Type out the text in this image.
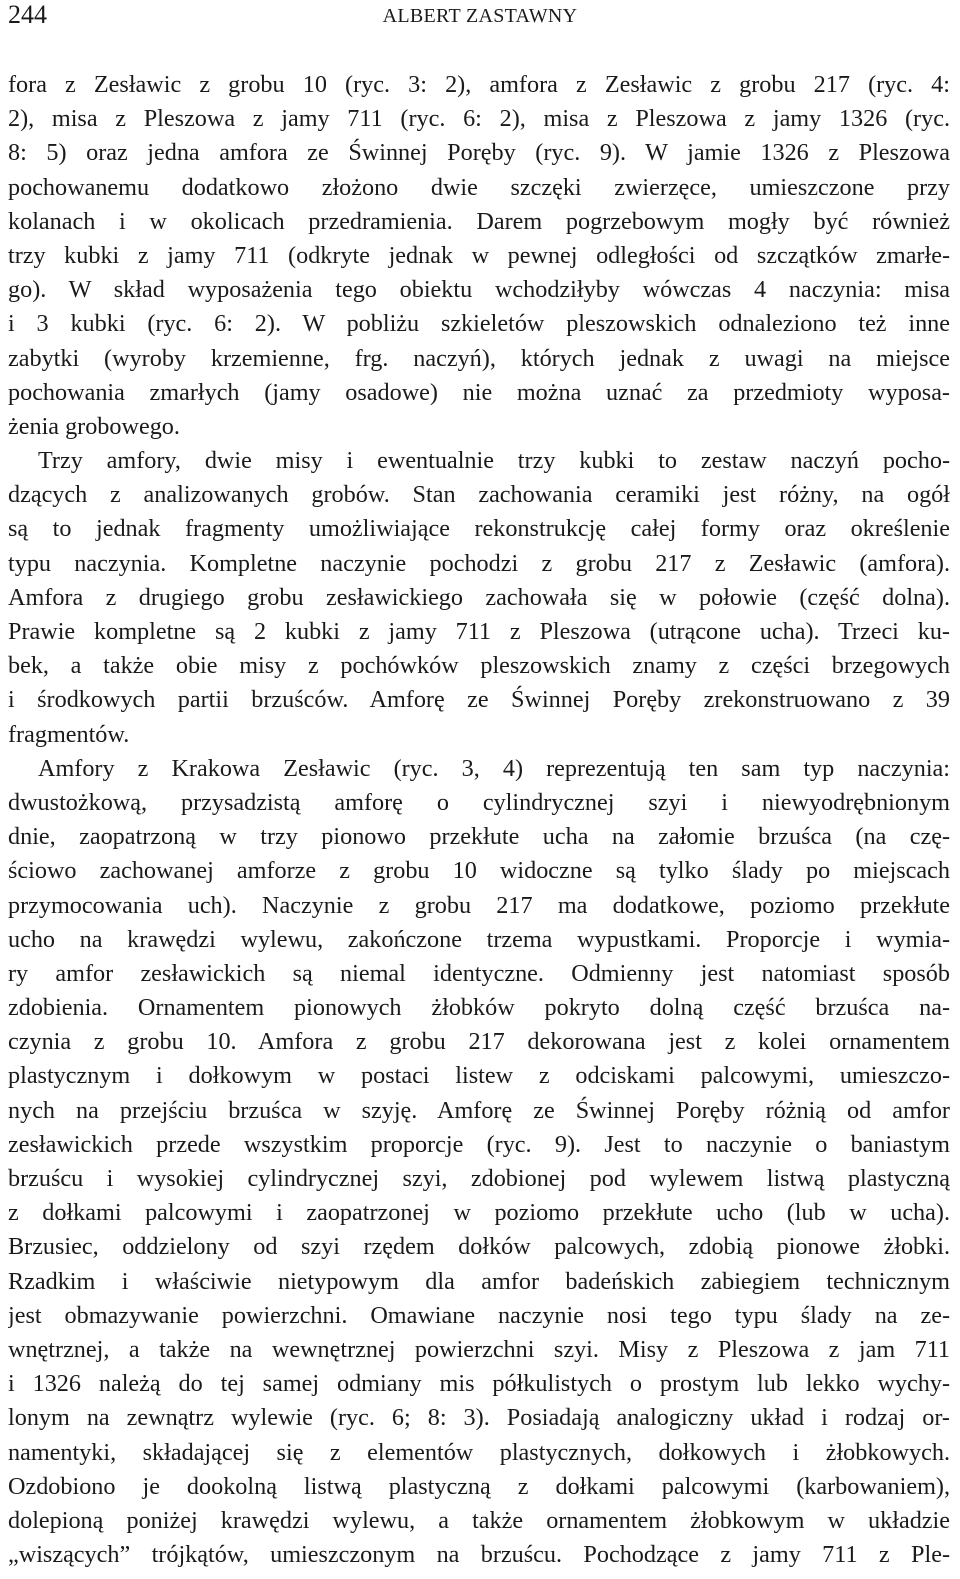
244	ALBERT ZASTAWNY
fora z Zesławic z grobu 10 (ryc. 3: 2), amfora z Zesławic z grobu 217 (ryc. 4:
2), misa z Pleszowa z jamy 711 (ryc. 6: 2), misa z Pleszowa z jamy 1326 (ryc.
8: 5) oraz jedna amfora ze Świnnej Poręby (ryc. 9). W jamie 1326 z Pleszowa
pochowanemu dodatkowo złożono dwie szczęki zwierzęce, umieszczone przy
kolanach i w okolicach przedramienia. Darem pogrzebowym mogły być również
trzy kubki z jamy 711 (odkryte jednak w pewnej odległości od szczątków zmarłe-
go). W skład wyposażenia tego obiektu wchodziłyby wówczas 4 naczynia: misa
i 3 kubki (ryc. 6: 2). W pobliżu szkieletów pleszowskich odnaleziono też inne
zabytki (wyroby krzemienne, frg. naczyń), których jednak z uwagi na miejsce
pochowania zmarłych (jamy osadowe) nie można uznać za przedmioty wyposa-
żenia grobowego.
Trzy amfory, dwie misy i ewentualnie trzy kubki to zestaw naczyń pocho-
dzących z analizowanych grobów. Stan zachowania ceramiki jest różny, na ogół
są to jednak fragmenty umożliwiające rekonstrukcję całej formy oraz określenie
typu naczynia. Kompletne naczynie pochodzi z grobu 217 z Zesławic (amfora).
Amfora z drugiego grobu zesławickiego zachowała się w połowie (część dolna).
Prawie kompletne są 2 kubki z jamy 711 z Pleszowa (utrącone ucha). Trzeci ku-
bek, a także obie misy z pochówków pleszowskich znamy z części brzegowych
i środkowych partii brzuśców. Amforę ze Świnnej Poręby zrekonstruowano z 39
fragmentów.
Amfory z Krakowa Zesławic (ryc. 3, 4) reprezentują ten sam typ naczynia:
dwustożkową, przysadzistą amforę o cylindrycznej szyi i niewyodrębnionym
dnie, zaopatrzoną w trzy pionowo przekłute ucha na załomie brzuśca (na czę-
ściowo zachowanej amforze z grobu 10 widoczne są tylko ślady po miejscach
przymocowania uch). Naczynie z grobu 217 ma dodatkowe, poziomo przekłute
ucho na krawędzi wylewu, zakończone trzema wypustkami. Proporcje i wymia-
ry amfor zesławickich są niemal identyczne. Odmienny jest natomiast sposób
zdobienia. Ornamentem pionowych żłobków pokryto dolną część brzuśca na-
czynia z grobu 10. Amfora z grobu 217 dekorowana jest z kolei ornamentem
plastycznym i dołkowym w postaci listew z odciskami palcowymi, umieszczo-
nych na przejściu brzuśca w szyję. Amforę ze Świnnej Poręby różnią od amfor
zesławickich przede wszystkim proporcje (ryc. 9). Jest to naczynie o baniastym
brzuścu i wysokiej cylindrycznej szyi, zdobionej pod wylewem listwą plastyczną
z dołkami palcowymi i zaopatrzonej w poziomo przekłute ucho (lub w ucha).
Brzusiec, oddzielony od szyi rzędem dołków palcowych, zdobią pionowe żłobki.
Rzadkim i właściwie nietypowym dla amfor badeńskich zabiegiem technicznym
jest obmazywanie powierzchni. Omawiane naczynie nosi tego typu ślady na ze-
wnętrznej, a także na wewnętrznej powierzchni szyi. Misy z Pleszowa z jam 711
i 1326 należą do tej samej odmiany mis półkulistych o prostym lub lekko wychy-
lonym na zewnątrz wylewie (ryc. 6; 8: 3). Posiadają analogiczny układ i rodzaj or-
namentyki, składającej się z elementów plastycznych, dołkowych i żłobkowych.
Ozdobiono je dookolną listwą plastyczną z dołkami palcowymi (karbowaniem),
dolepioną poniżej krawędzi wylewu, a także ornamentem żłobkowym w układzie
„wiszących” trójkątów, umieszczonym na brzuścu. Pochodzące z jamy 711 z Ple-
